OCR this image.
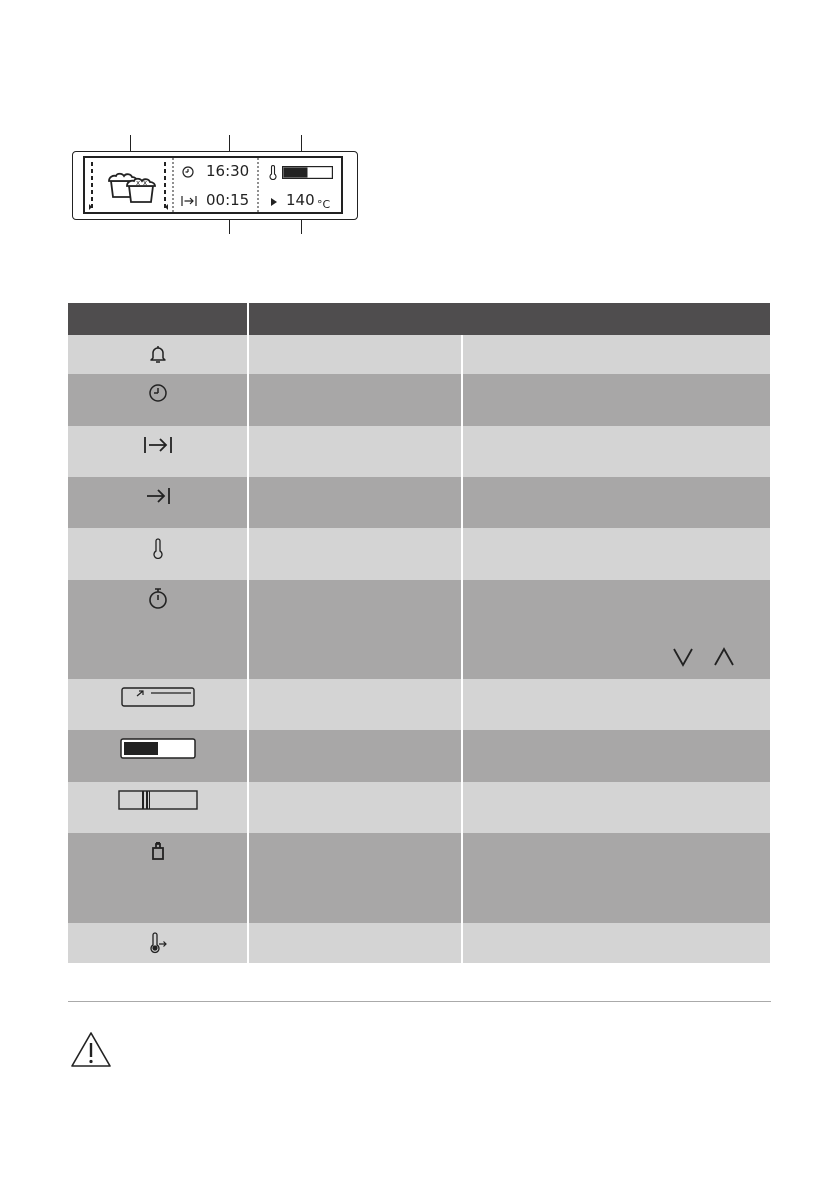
x x
16:30
00:15 140 °C
